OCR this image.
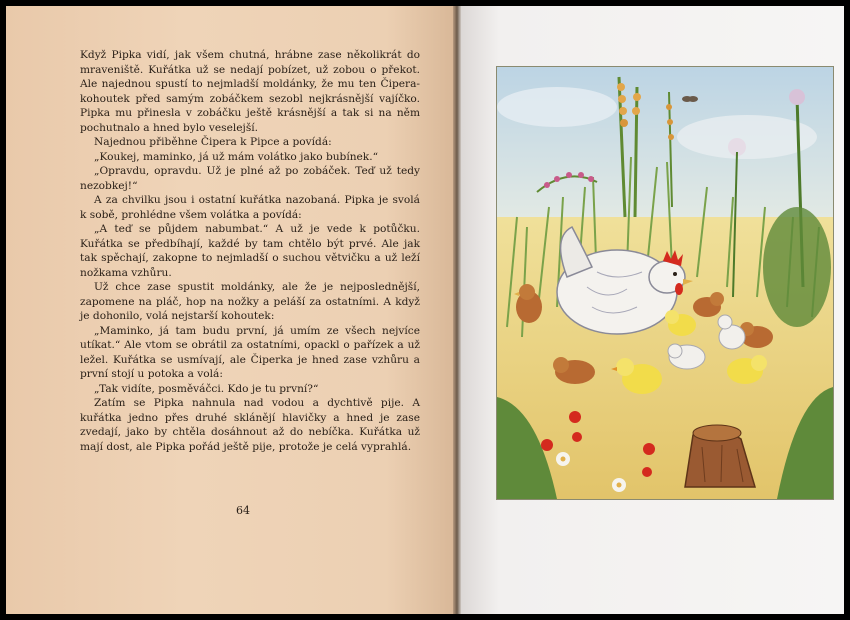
Když Pipka vidí, jak všem chutná, hrábne zase několikrát do mraveniště. Kuřátka už se nedají pobízet, už zobou o překot. Ale najednou spustí to nejmladší moldánky, že mu ten Čipera-kohoutek před samým zobáčkem sezobl nejkrásnější vajíčko. Pipka mu přinesla v zobáčku ještě krásnější a tak si na něm pochutnalo a hned bylo veselejší.

Najednou přiběhne Čipera k Pipce a povídá:

„Koukej, maminko, já už mám volátko jako bubínek.“

„Opravdu, opravdu. Už je plné až po zobáček. Teď už tedy nezobkej!“

A za chvilku jsou i ostatní kuřátka nazobaná. Pipka je svolá k sobě, prohlédne všem volátka a povídá:

„A teď se půjdem nabumbat.“ A už je vede k potůčku. Kuřátka se předbíhají, každé by tam chtělo být prvé. Ale jak tak spěchají, zakopne to nejmladší o suchou větvičku a už leží nožkama vzhůru.

Už chce zase spustit moldánky, ale že je nejposlednější, zapomene na pláč, hop na nožky a peláší za ostatními. A když je dohonilo, volá nejstarší kohoutek:

„Maminko, já tam budu první, já umím ze všech nejvíce utíkat.“ Ale vtom se obrátil za ostatními, opackl o pařízek a už ležel. Kuřátka se usmívají, ale Čiperka je hned zase vzhůru a první stojí u potoka a volá:

„Tak vidíte, posměváčci. Kdo je tu první?“

Zatím se Pipka nahnula nad vodou a dychtivě pije. A kuřátka jedno přes druhé sklánějí hlavičky a hned je zase zvedají, jako by chtěla dosáhnout až do nebíčka. Kuřátka už mají dost, ale Pipka pořád ještě pije, protože je celá vyprahlá.

64
